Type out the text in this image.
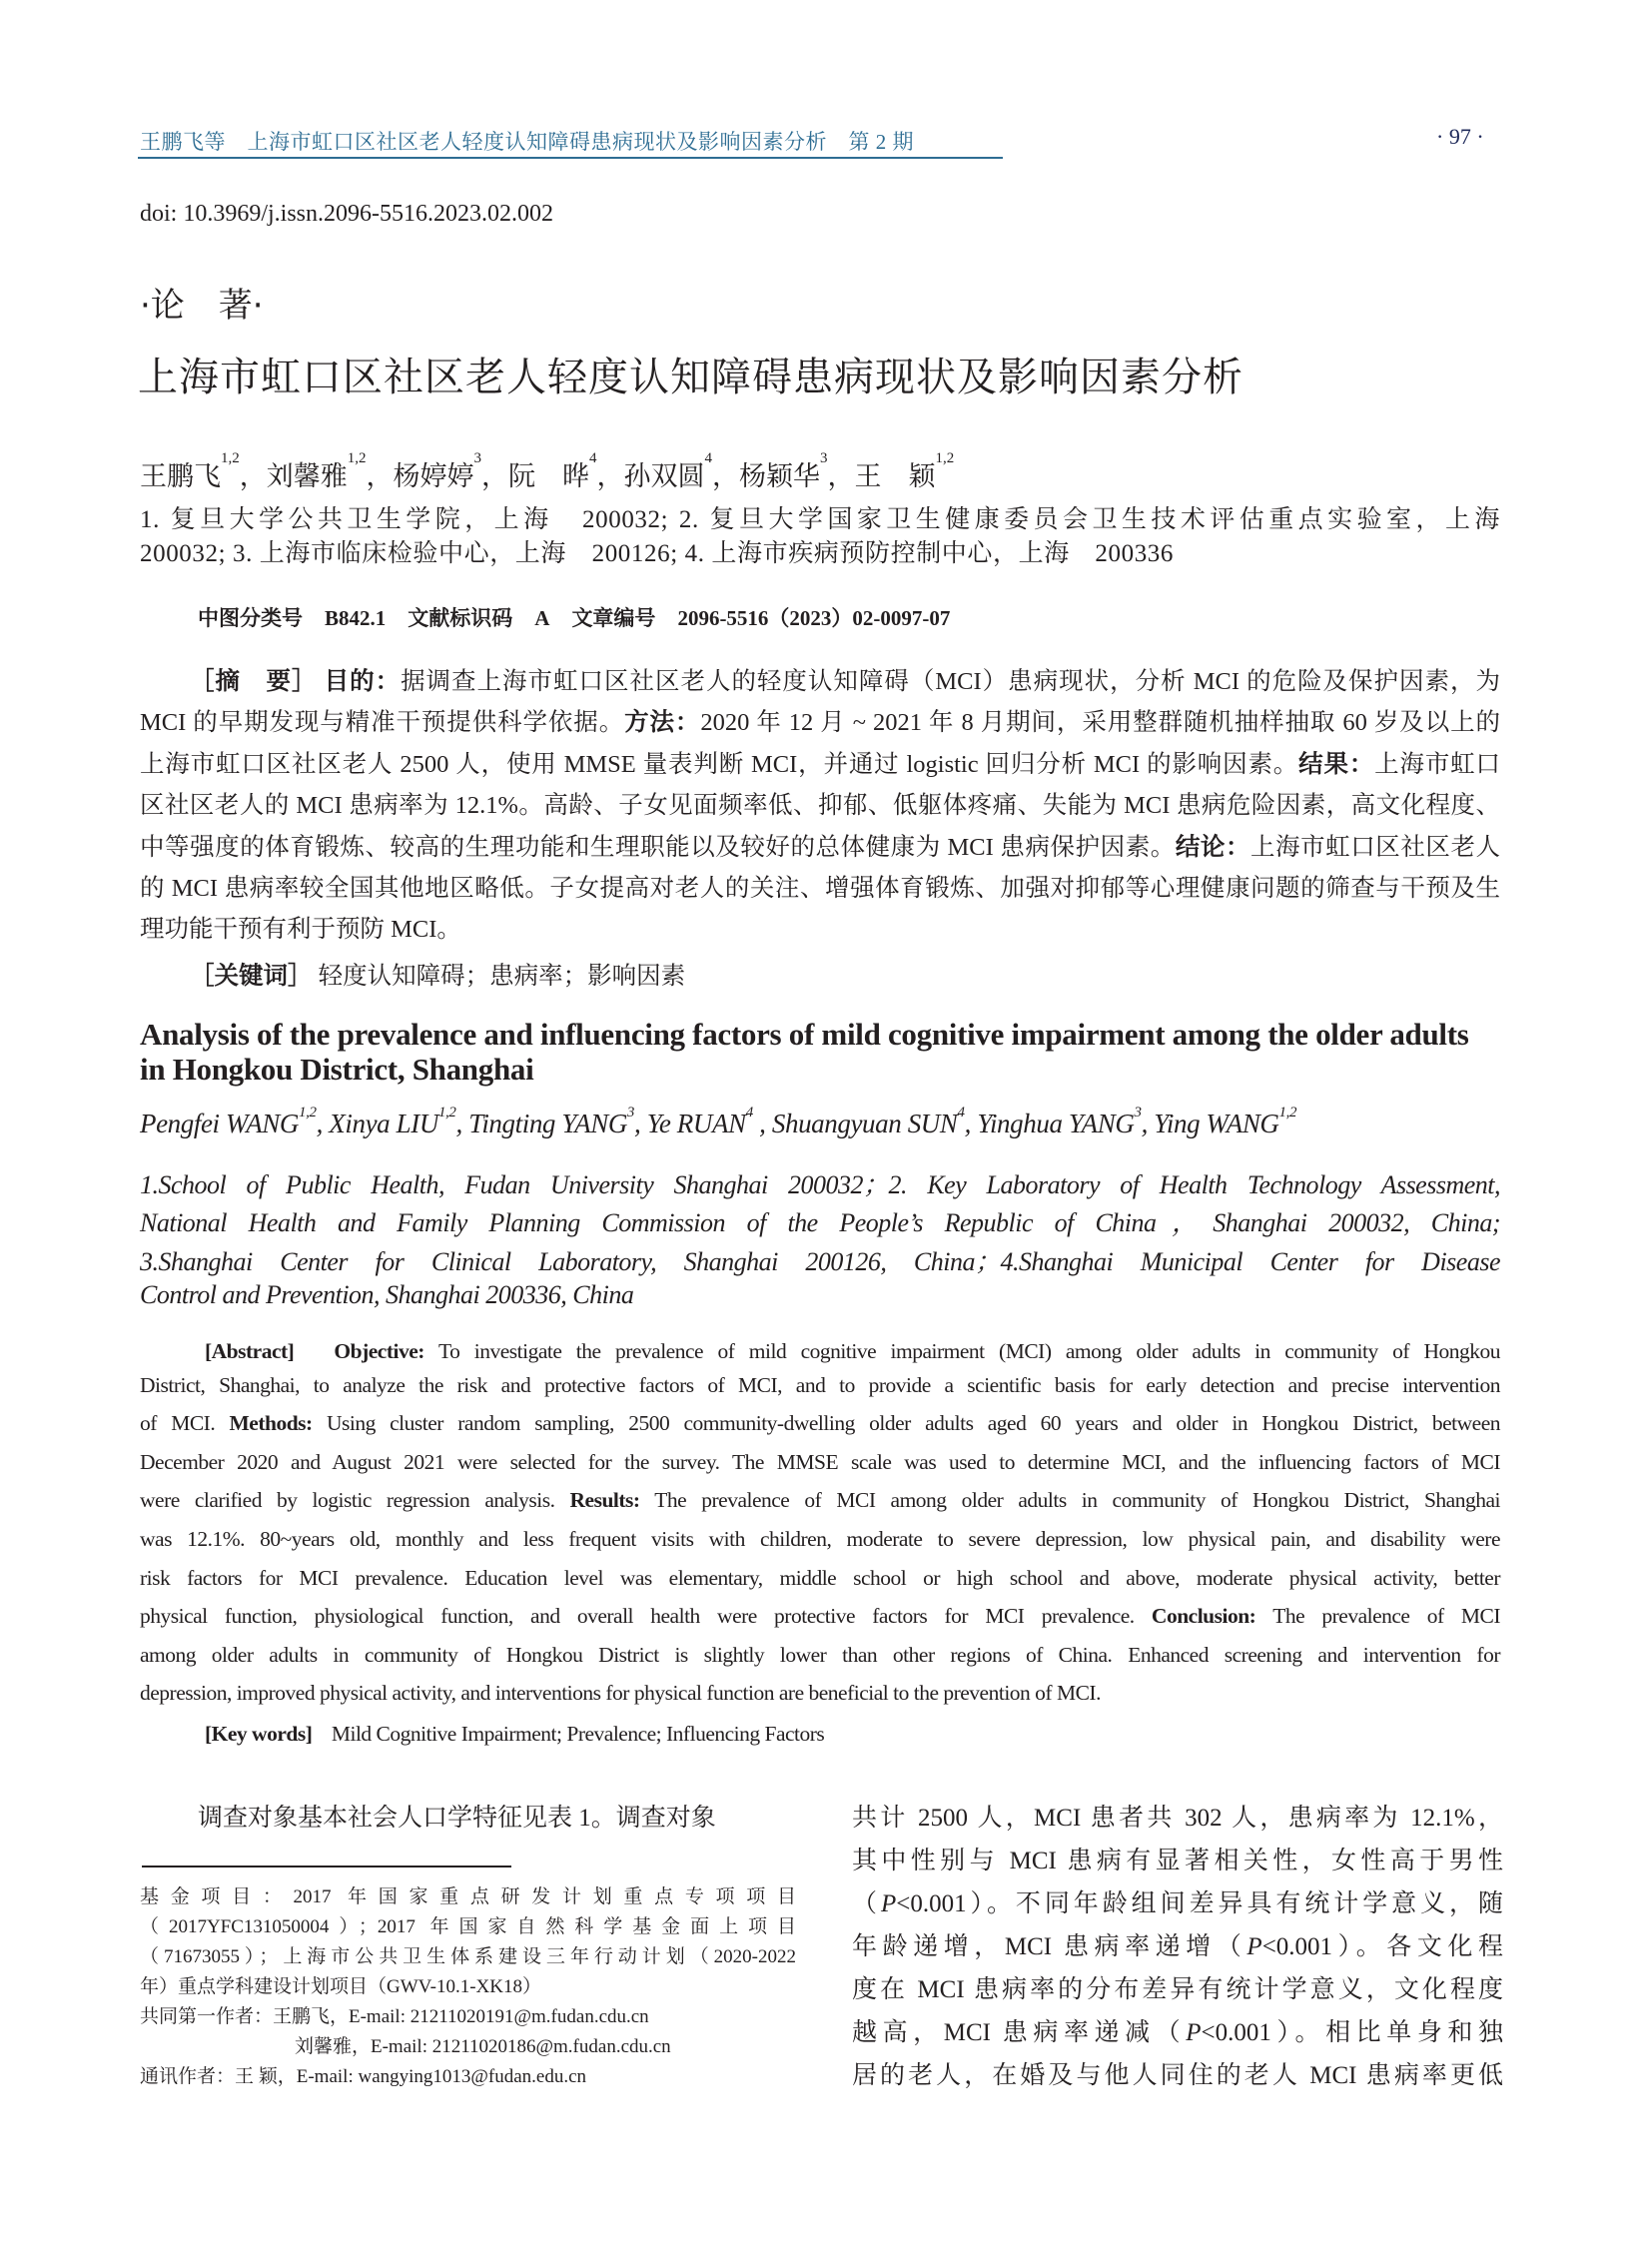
王鹏飞等　上海市虹口区社区老人轻度认知障碍患病现状及影响因素分析　第 2 期	· 97 ·
doi: 10.3969/j.issn.2096-5516.2023.02.002
·论　著·
上海市虹口区社区老人轻度认知障碍患病现状及影响因素分析
王鹏飞$^{1,2}$，刘馨雅$^{1,2}$，杨婷婷$^3$，阮　晔$^4$，孙双圆$^4$，杨颖华$^3$，王　颖$^{1,2}$
1. 复旦大学公共卫生学院，上海　200032; 2. 复旦大学国家卫生健康委员会卫生技术评估重点实验室，上海
200032; 3. 上海市临床检验中心，上海　200126; 4. 上海市疾病预防控制中心，上海　200336
中图分类号 B842.1 文献标识码 A 文章编号 2096-5516（2023）02-0097-07
［摘　要］ 目的：据调查上海市虹口区社区老人的轻度认知障碍（MCI）患病现状，分析 MCI 的危险及保护因素，为
MCI 的早期发现与精准干预提供科学依据。方法：2020 年 12 月 ~ 2021 年 8 月期间，采用整群随机抽样抽取 60 岁及以上的
上海市虹口区社区老人 2500 人，使用 MMSE 量表判断 MCI，并通过 logistic 回归分析 MCI 的影响因素。结果：上海市虹口
区社区老人的 MCI 患病率为 12.1%。高龄、子女见面频率低、抑郁、低躯体疼痛、失能为 MCI 患病危险因素，高文化程度、
中等强度的体育锻炼、较高的生理功能和生理职能以及较好的总体健康为 MCI 患病保护因素。结论：上海市虹口区社区老人
的 MCI 患病率较全国其他地区略低。子女提高对老人的关注、增强体育锻炼、加强对抑郁等心理健康问题的筛查与干预及生
理功能干预有利于预防 MCI。
［关键词］ 轻度认知障碍；患病率；影响因素
Analysis of the prevalence and influencing factors of mild cognitive impairment among the older adults in Hongkou District, Shanghai
Pengfei WANG$^{1,2}$, Xinya LIU$^{1,2}$, Tingting YANG$^3$, Ye RUAN$^4$ , Shuangyuan SUN$^4$, Yinghua YANG$^3$, Ying WANG$^{1,2}$
1.School of Public Health, Fudan University Shanghai 200032；2. Key Laboratory of Health Technology Assessment,
National Health and Family Planning Commission of the People’s Republic of China，Shanghai 200032, China;
3.Shanghai Center for Clinical Laboratory, Shanghai 200126, China；4.Shanghai Municipal Center for Disease
Control and Prevention, Shanghai 200336, China
[Abstract]　 Objective: To investigate the prevalence of mild cognitive impairment (MCI) among older adults in community of Hongkou
District, Shanghai, to analyze the risk and protective factors of MCI, and to provide a scientific basis for early detection and precise intervention
of MCI. Methods: Using cluster random sampling, 2500 community-dwelling older adults aged 60 years and older in Hongkou District, between
December 2020 and August 2021 were selected for the survey. The MMSE scale was used to determine MCI, and the influencing factors of MCI
were clarified by logistic regression analysis. Results: The prevalence of MCI among older adults in community of Hongkou District, Shanghai
was 12.1%. 80~years old, monthly and less frequent visits with children, moderate to severe depression, low physical pain, and disability were
risk factors for MCI prevalence. Education level was elementary, middle school or high school and above, moderate physical activity, better
physical function, physiological function, and overall health were protective factors for MCI prevalence. Conclusion: The prevalence of MCI
among older adults in community of Hongkou District is slightly lower than other regions of China. Enhanced screening and intervention for
depression, improved physical activity, and interventions for physical function are beneficial to the prevention of MCI.
[Key words] Mild Cognitive Impairment; Prevalence; Influencing Factors
调查对象基本社会人口学特征见表 1。调查对象	共计 2500 人，MCI 患者共 302 人，患病率为 12.1%，
其中性别与 MCI 患病有显著相关性，女性高于男性
（P<0.001）。不同年龄组间差异具有统计学意义，随
年龄递增，MCI 患病率递增（P<0.001）。各文化程
度在 MCI 患病率的分布差异有统计学意义，文化程度
越高，MCI 患病率递减（P<0.001）。相比单身和独
居的老人，在婚及与他人同住的老人 MCI 患病率更低
基金项目：2017 年国家重点研发计划重点专项项目
（2017YFC131050004）；2017 年国家自然科学基金面上项目
（71673055）；上海市公共卫生体系建设三年行动计划（2020-2022
年）重点学科建设计划项目（GWV-10.1-XK18）
共同第一作者：王鹏飞，E-mail: 21211020191@m.fudan.cdu.cn
刘馨雅，E-mail: 21211020186@m.fudan.cdu.cn
通讯作者：王 颖，E-mail: wangying1013@fudan.edu.cn
